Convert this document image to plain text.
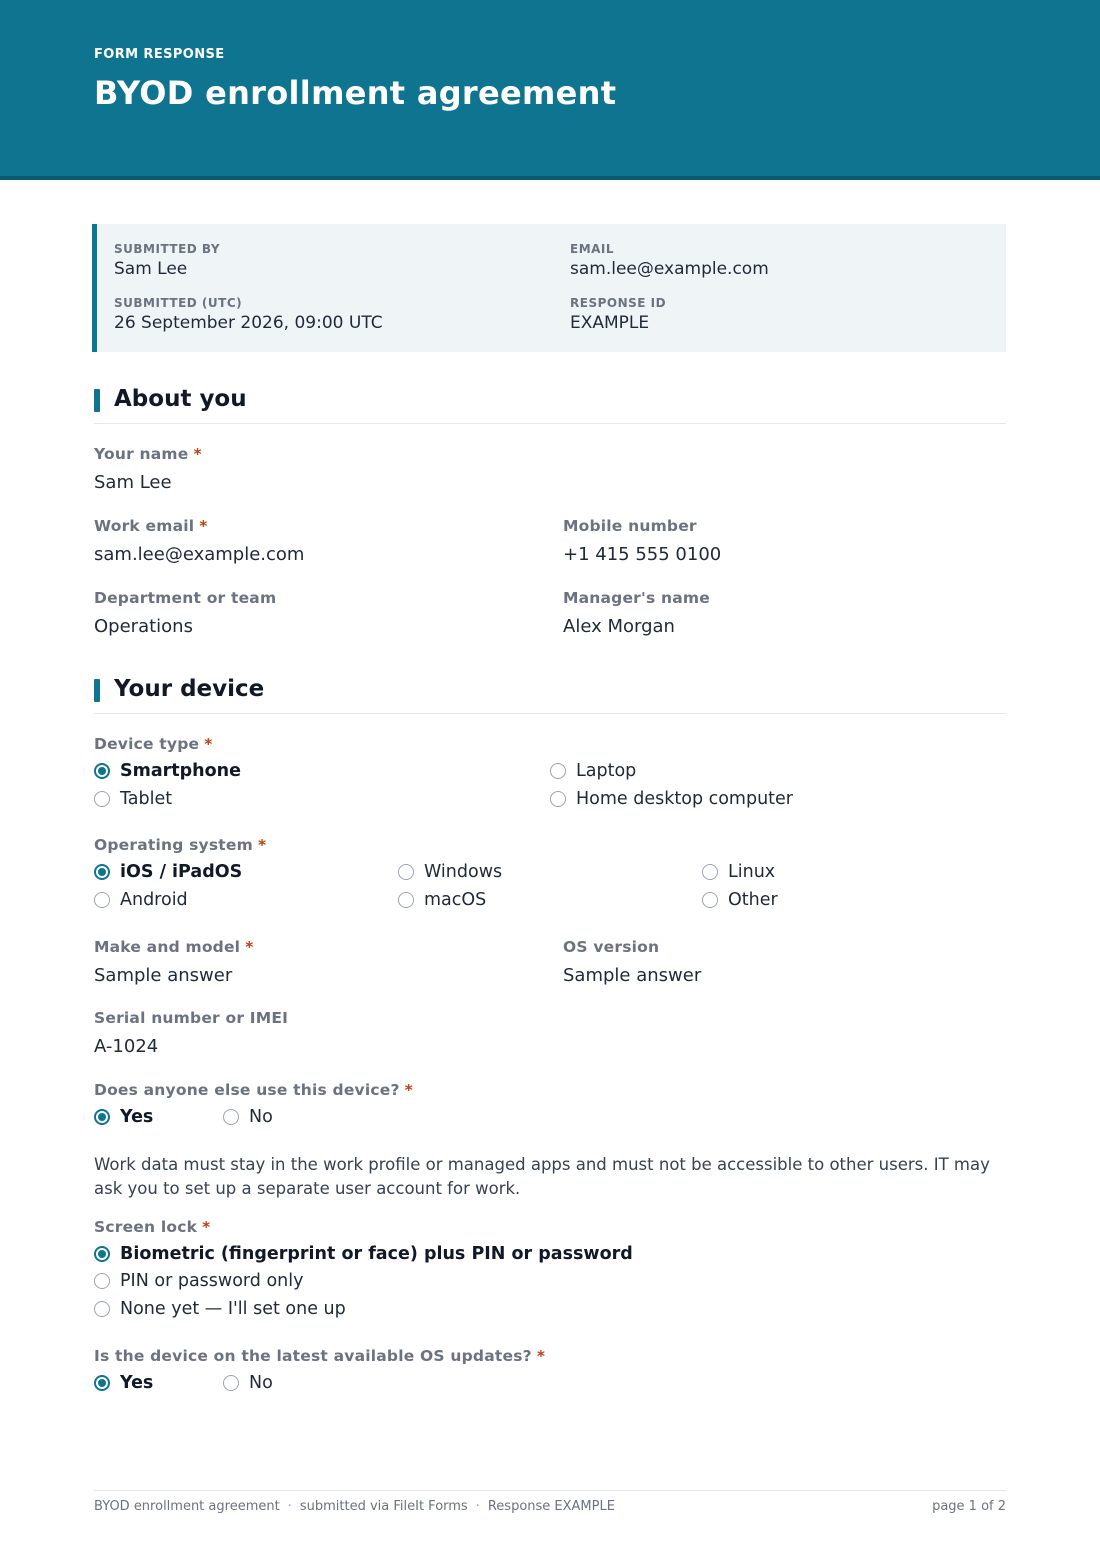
FORM RESPONSE
BYOD enrollment agreement
SUBMITTED BY
Sam Lee
EMAIL
sam.lee@example.com
SUBMITTED (UTC)
26 September 2026, 09:00 UTC
RESPONSE ID
EXAMPLE
About you
Your name *
Sam Lee
Work email *
sam.lee@example.com
Mobile number
+1 415 555 0100
Department or team
Operations
Manager's name
Alex Morgan
Your device
Device type *
Smartphone	Laptop
Tablet	Home desktop computer
Operating system *
iOS / iPadOS	Windows	Linux
Android	macOS	Other
Make and model *
Sample answer
OS version
Sample answer
Serial number or IMEI
A-1024
Does anyone else use this device? *
Yes	No
Work data must stay in the work profile or managed apps and must not be accessible to other users. IT may ask you to set up a separate user account for work.
Screen lock *
Biometric (fingerprint or face) plus PIN or password
PIN or password only
None yet — I'll set one up
Is the device on the latest available OS updates? *
Yes	No
BYOD enrollment agreement · submitted via FileIt Forms · Response EXAMPLE	page 1 of 2
